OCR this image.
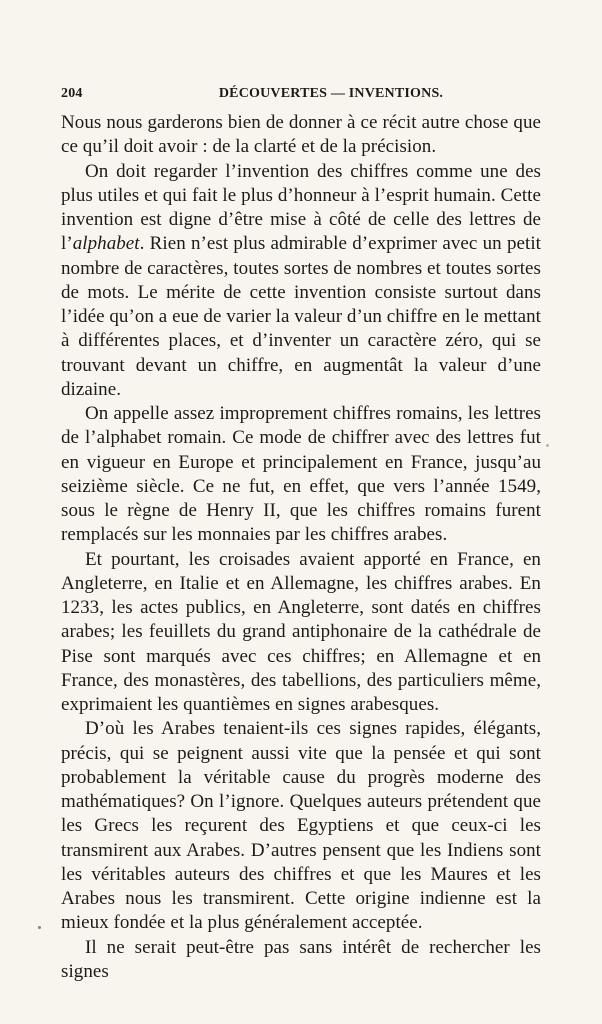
204	DÉCOUVERTES — INVENTIONS.

Nous nous garderons bien de donner à ce récit autre chose que ce qu’il doit avoir : de la clarté et de la précision.

On doit regarder l’invention des chiffres comme une des plus utiles et qui fait le plus d’honneur à l’esprit humain. Cette invention est digne d’être mise à côté de celle des lettres de l’alphabet. Rien n’est plus admirable d’exprimer avec un petit nombre de caractères, toutes sortes de nombres et toutes sortes de mots. Le mérite de cette invention consiste surtout dans l’idée qu’on a eue de varier la valeur d’un chiffre en le mettant à différentes places, et d’inventer un caractère zéro, qui se trouvant devant un chiffre, en augmentât la valeur d’une dizaine.

On appelle assez improprement chiffres romains, les lettres de l’alphabet romain. Ce mode de chiffrer avec des lettres fut en vigueur en Europe et principalement en France, jusqu’au seizième siècle. Ce ne fut, en effet, que vers l’année 1549, sous le règne de Henry II, que les chiffres romains furent remplacés sur les monnaies par les chiffres arabes.

Et pourtant, les croisades avaient apporté en France, en Angleterre, en Italie et en Allemagne, les chiffres arabes. En 1233, les actes publics, en Angleterre, sont datés en chiffres arabes; les feuillets du grand antiphonaire de la cathédrale de Pise sont marqués avec ces chiffres; en Allemagne et en France, des monastères, des tabellions, des particuliers même, exprimaient les quantièmes en signes arabesques.

D’où les Arabes tenaient-ils ces signes rapides, élégants, précis, qui se peignent aussi vite que la pensée et qui sont probablement la véritable cause du progrès moderne des mathématiques? On l’ignore. Quelques auteurs prétendent que les Grecs les reçurent des Egyptiens et que ceux-ci les transmirent aux Arabes. D’autres pensent que les Indiens sont les véritables auteurs des chiffres et que les Maures et les Arabes nous les transmirent. Cette origine indienne est la mieux fondée et la plus généralement acceptée.

Il ne serait peut-être pas sans intérêt de rechercher les signes
